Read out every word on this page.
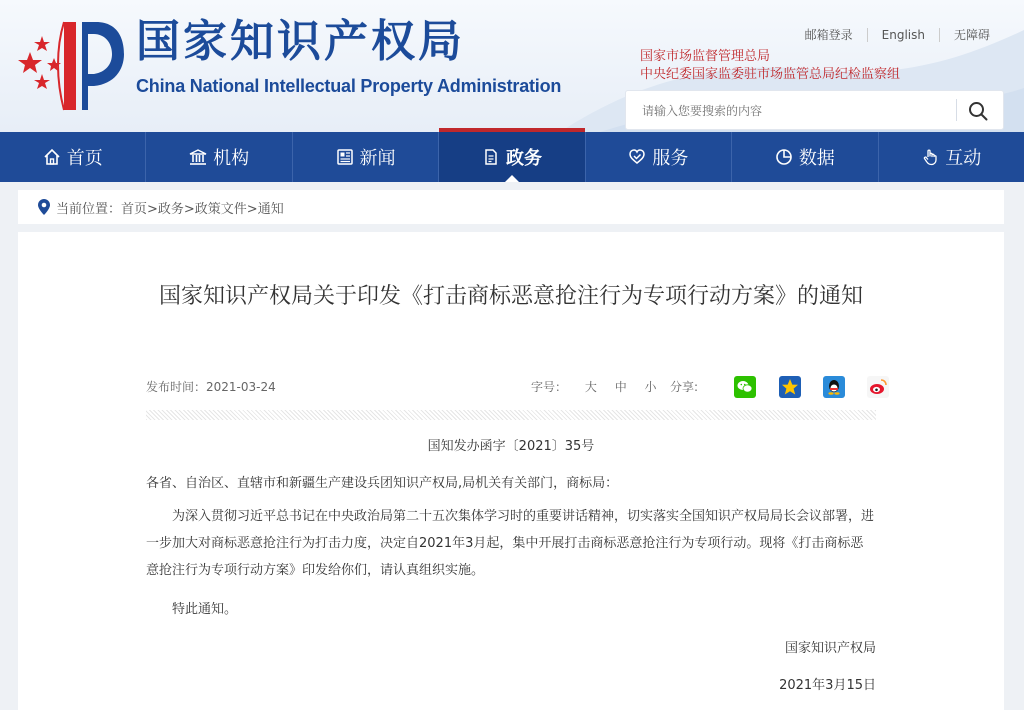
国家知识产权局
China National Intellectual Property Administration
邮箱登录	English	无障碍
国家市场监督管理总局
中央纪委国家监委驻市场监管总局纪检监察组
请输入您要搜索的内容
首页	机构	新闻	政务	服务	数据	互动
当前位置： 首页>政务>政策文件>通知
国家知识产权局关于印发《打击商标恶意抢注行为专项行动方案》的通知
发布时间：2021-03-24	字号： 大 中 小 分享:
国知发办函字〔2021〕35号

各省、自治区、直辖市和新疆生产建设兵团知识产权局,局机关有关部门，商标局：

为深入贯彻习近平总书记在中央政治局第二十五次集体学习时的重要讲话精神，切实落实全国知识产权局局长会议部署，进一步加大对商标恶意抢注行为打击力度，决定自2021年3月起，集中开展打击商标恶意抢注行为专项行动。现将《打击商标恶意抢注行为专项行动方案》印发给你们，请认真组织实施。

特此通知。

国家知识产权局

2021年3月15日
